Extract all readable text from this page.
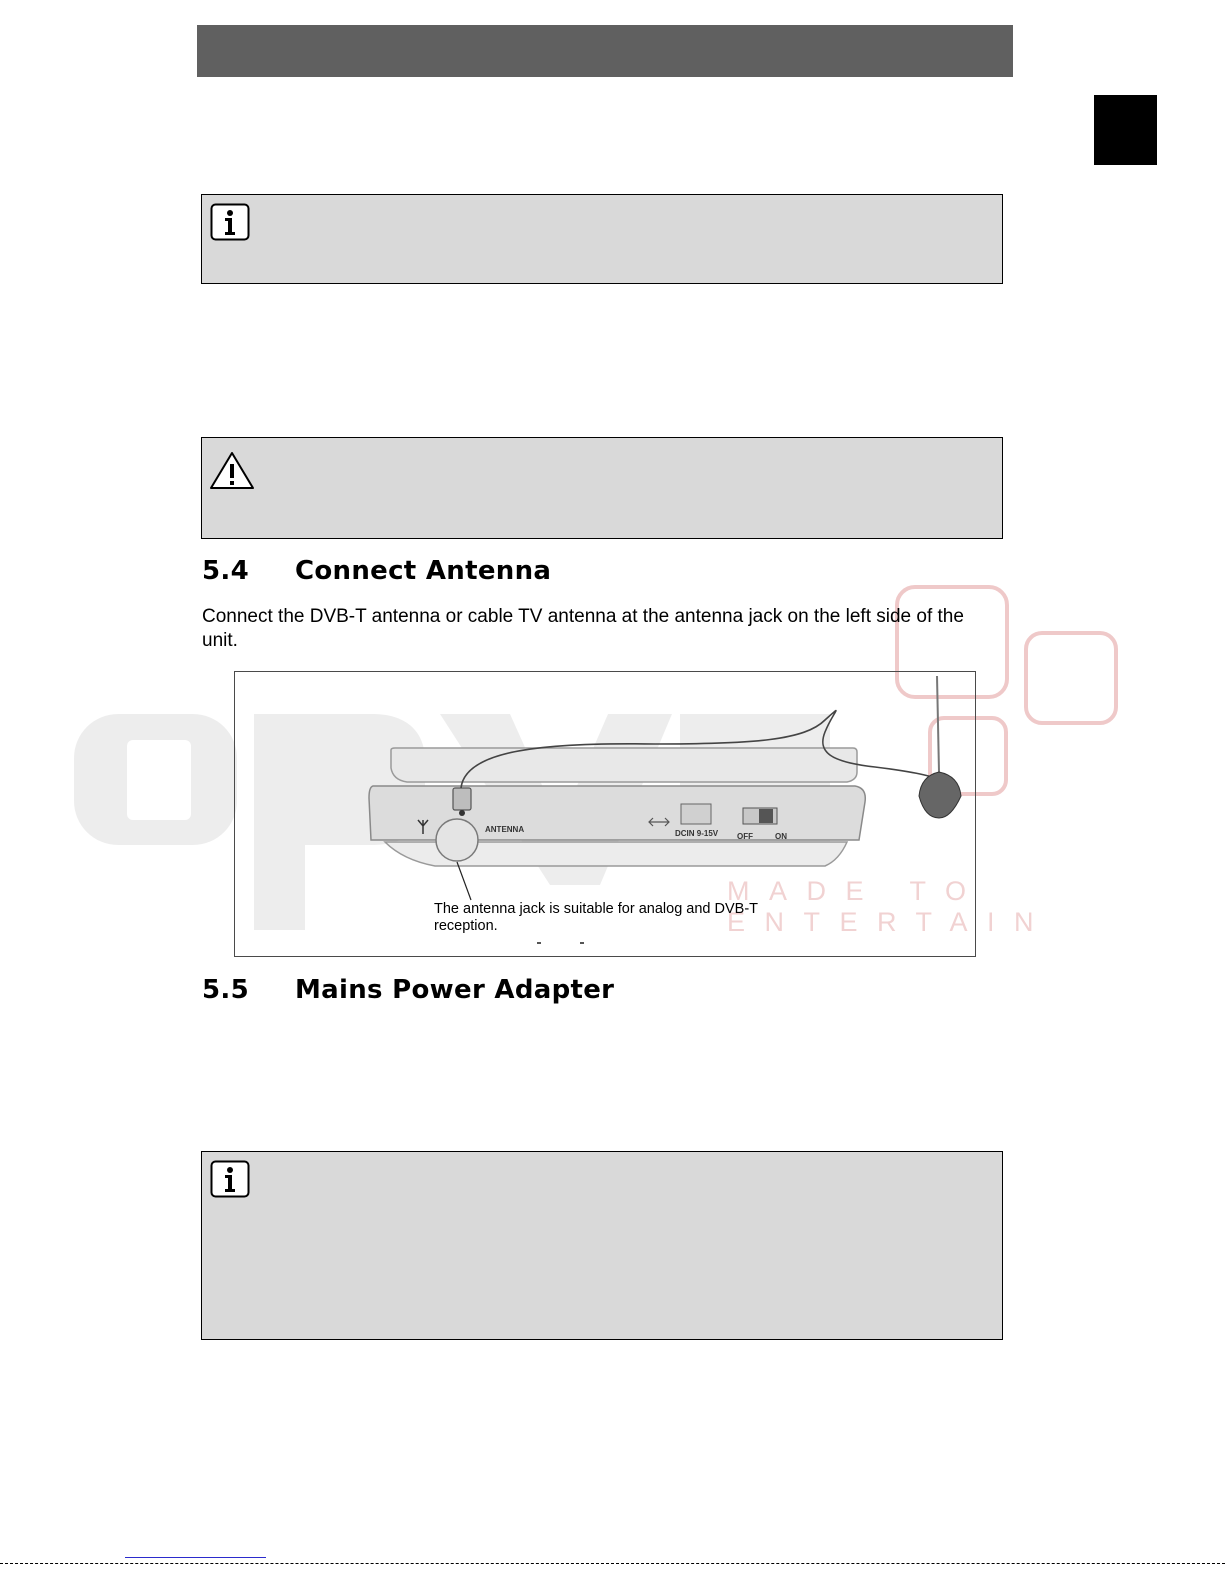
MADE TO ENTERTAIN
5.4 Connect Antenna

Connect the DVB-T antenna or cable TV antenna at the antenna jack on the left side of the unit.

ANTENNA	DCIN 9-15V OFF	ON
The antenna jack is suitable for analog and DVB-T reception.
5.5 Mains Power Adapter
